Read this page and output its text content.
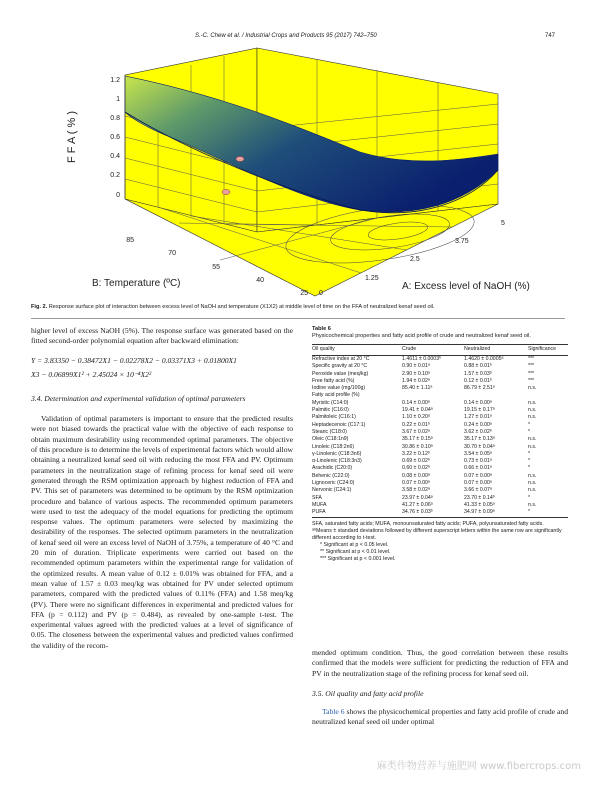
S.-C. Chew et al. / Industrial Crops and Products 95 (2017) 742–750	747
1.2
1
0.8
0.6
0.4
0.2
0
F F A ( % )
85
70
55
40
25
B: Temperature (ºC)
0
1.25
2.5
3.75
5
A: Excess level of NaOH (%)
Fig. 2. Response surface plot of interaction between excess level of NaOH and temperature (X1X2) at middle level of time on the FFA of neutralized kenaf seed oil.

higher level of excess NaOH (5%). The response surface was generated based on the fitted second-order polynomial equation after backward elimination:

Y = 3.83350 − 0.38472X1 − 0.02278X2 − 0.03371X3 + 0.01800X1

X3 − 0.06899X1² + 2.45024 × 10⁻⁴X2²

3.4. Determination and experimental validation of optimal parameters

Validation of optimal parameters is important to ensure that the predicted results were not biased towards the practical value with the objective of each response to obtain maximum desirability using recommended optimal parameters. The objective of this procedure is to determine the levels of experimental factors which would allow obtaining a neutralized kenaf seed oil with reducing the most FFA and PV. Optimum parameters in the neutralization stage of refining process for kenaf seed oil were generated through the RSM optimization approach by highest reduction of FFA and PV. This set of parameters was determined to be optimum by the RSM optimization procedure and balance of various aspects. The recommended optimum parameters were used to test the adequacy of the model equations for predicting the optimum response values. The optimum parameters were selected by maximizing the desirability of the responses. The selected optimum parameters in the neutralization of kenaf seed oil were an excess level of NaOH of 3.75%, a temperature of 40 °C and 20 min of duration. Triplicate experiments were carried out based on the recommended optimum parameters within the experimental range for validation of the optimized results. A mean value of 0.12 ± 0.01% was obtained for FFA, and a mean value of 1.57 ± 0.03 meq/kg was obtained for PV under selected optimum parameters, compared with the predicted values of 0.11% (FFA) and 1.58 meq/kg (PV). There were no significant differences in experimental and predicted values for FFA (p = 0.112) and PV (p = 0.484), as revealed by one-sample t-test. The experimental values agreed with the predicted values at a level of significance of 0.05. The closeness between the experimental values and predicted values confirmed the validity of the recom-

Table 6
Physicochemical properties and fatty acid profile of crude and neutralized kenaf seed oil.
Oil quality	Crude	Neutralized	Significance
Refractive index at 20 °C	1.4611 ± 0.0003ᵇ	1.4620 ± 0.0005ᵃ	***
Specific gravity at 20 °C	0.90 ± 0.01ᵃ	0.88 ± 0.01ᵇ	***
Peroxide value (meq/kg)	2.90 ± 0.10ᵃ	1.57 ± 0.03ᵇ	***
Free fatty acid (%)	1.94 ± 0.02ᵃ	0.12 ± 0.01ᵇ	***
Iodine value (mg/100g)	85.40 ± 1.11ᵃ	86.79 ± 2.51ᵃ	n.s.
Fatty acid profile (%)			
Myristic (C14:0)	0.14 ± 0.00ᵃ	0.14 ± 0.00ᵃ	n.s.
Palmitic (C16:0)	19.41 ± 0.04ᵃ	19.15 ± 0.17ᵃ	n.s.
Palmitoleic (C16:1)	1.10 ± 0.20ᵃ	1.27 ± 0.01ᵃ	n.s.
Heptadecenoic (C17:1)	0.22 ± 0.01ᵇ	0.24 ± 0.00ᵃ	*
Stearic (C18:0)	3.67 ± 0.02ᵃ	3.62 ± 0.02ᵇ	*
Oleic (C18:1n9)	35.17 ± 0.15ᵃ	35.17 ± 0.13ᵃ	n.s.
Linoleic (C18:2n6)	30.86 ± 0.10ᵃ	30.70 ± 0.04ᵃ	n.s.
γ-Linolenic (C18:3n6)	3.22 ± 0.12ᵇ	3.54 ± 0.05ᵃ	*
α-Linolenic (C18:3n3)	0.69 ± 0.02ᵇ	0.73 ± 0.01ᵃ	*
Arachidic (C20:0)	0.60 ± 0.02ᵇ	0.66 ± 0.01ᵃ	*
Behenic (C22:0)	0.08 ± 0.00ᵃ	0.07 ± 0.00ᵃ	n.s.
Lignoceric (C24:0)	0.07 ± 0.00ᵃ	0.07 ± 0.00ᵃ	n.s.
Nervonic (C24:1)	3.58 ± 0.02ᵃ	3.66 ± 0.07ᵃ	n.s.
SFA	23.97 ± 0.04ᵃ	23.70 ± 0.14ᵇ	*
MUFA	41.27 ± 0.06ᵃ	41.33 ± 0.05ᵃ	n.s.
PUFA	34.76 ± 0.03ᵇ	34.97 ± 0.09ᵃ	*
SFA, saturated fatty acids; MUFA, monounsaturated fatty acids; PUFA, polyunsaturated fatty acids.
ᵃᵇMeans ± standard deviations followed by different superscript letters within the same row are significantly different according to t-test.
* Significant at p < 0.05 level.
** Significant at p < 0.01 level.
*** Significant at p < 0.001 level.

mended optimum condition. Thus, the good correlation between these results confirmed that the models were sufficient for predicting the reduction of FFA and PV in the neutralization stage of the refining process for kenaf seed oil.

3.5. Oil quality and fatty acid profile

Table 6 shows the physicochemical properties and fatty acid profile of crude and neutralized kenaf seed oil under optimal

麻类作物营养与施肥网 www.fibercrops.com
